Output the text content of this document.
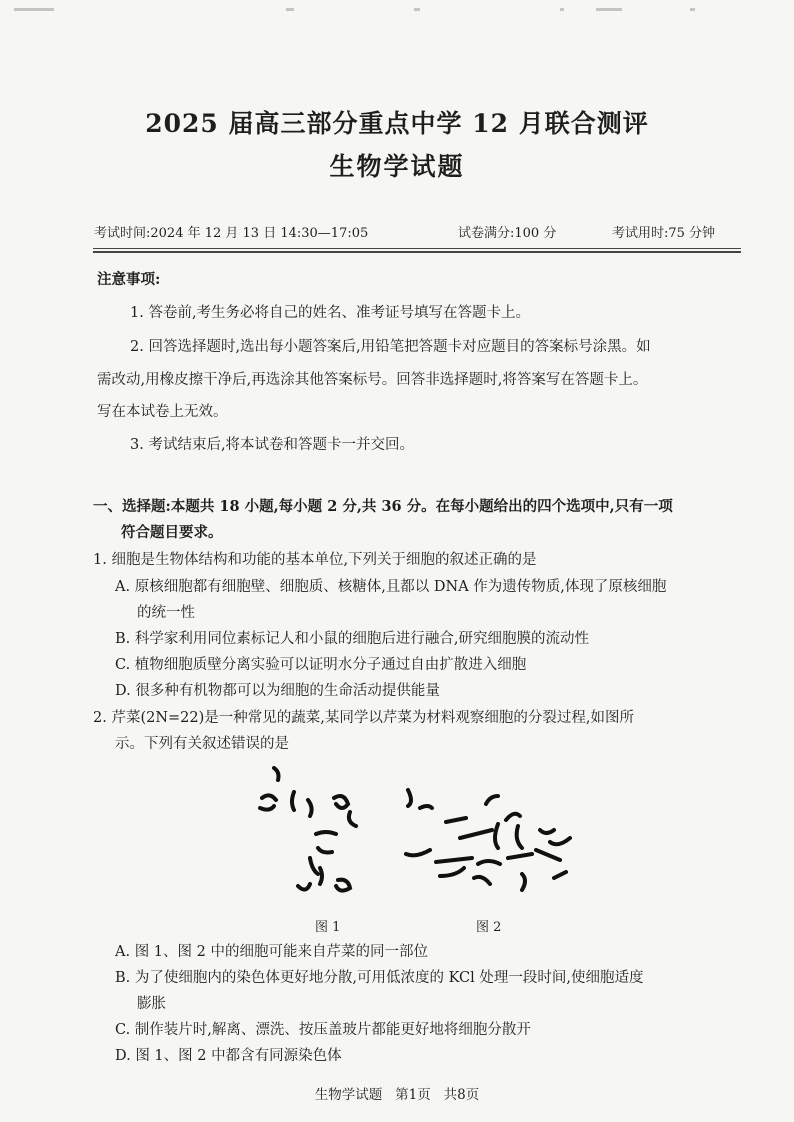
2025 届高三部分重点中学 12 月联合测评
生物学试题
考试时间:2024 年 12 月 13 日 14:30—17:05	试卷满分:100 分	考试用时:75 分钟
注意事项:
1. 答卷前,考生务必将自己的姓名、准考证号填写在答题卡上。
2. 回答选择题时,选出每小题答案后,用铅笔把答题卡对应题目的答案标号涂黑。如
需改动,用橡皮擦干净后,再选涂其他答案标号。回答非选择题时,将答案写在答题卡上。
写在本试卷上无效。
3. 考试结束后,将本试卷和答题卡一并交回。
一、选择题:本题共 18 小题,每小题 2 分,共 36 分。在每小题给出的四个选项中,只有一项
符合题目要求。
1. 细胞是生物体结构和功能的基本单位,下列关于细胞的叙述正确的是
A. 原核细胞都有细胞壁、细胞质、核糖体,且都以 DNA 作为遗传物质,体现了原核细胞
的统一性
B. 科学家利用同位素标记人和小鼠的细胞后进行融合,研究细胞膜的流动性
C. 植物细胞质壁分离实验可以证明水分子通过自由扩散进入细胞
D. 很多种有机物都可以为细胞的生命活动提供能量
2. 芹菜(2N=22)是一种常见的蔬菜,某同学以芹菜为材料观察细胞的分裂过程,如图所
示。下列有关叙述错误的是
图 1	图 2
A. 图 1、图 2 中的细胞可能来自芹菜的同一部位
B. 为了使细胞内的染色体更好地分散,可用低浓度的 KCl 处理一段时间,使细胞适度
膨胀
C. 制作装片时,解离、漂洗、按压盖玻片都能更好地将细胞分散开
D. 图 1、图 2 中都含有同源染色体
生物学试题   第1页   共8页
